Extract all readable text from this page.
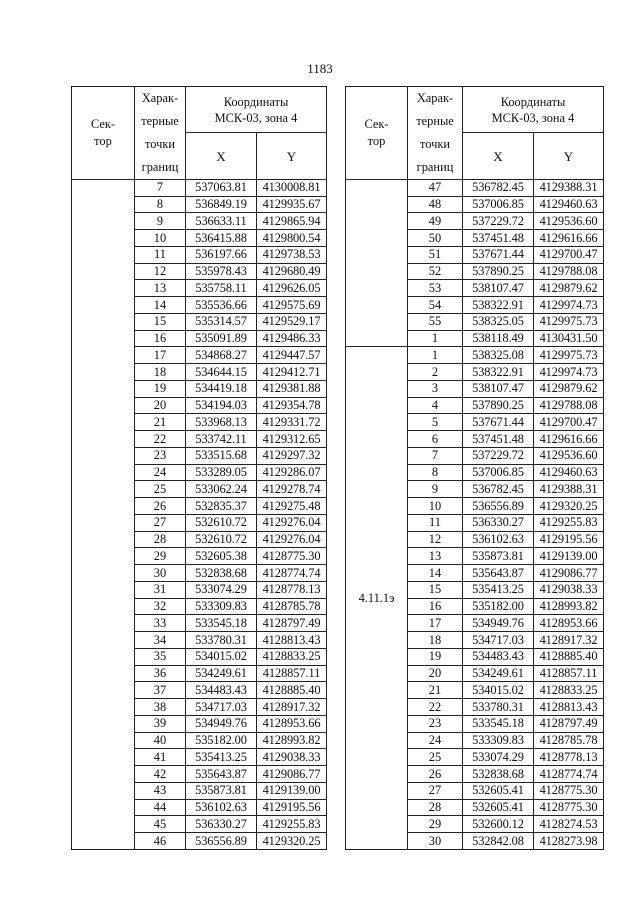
1183
Сек- тор	Харак- терные точки границ	Координаты МСК-03, зона 4	

		X	Y
	7	537063.81	4130008.81
	8	536849.19	4129935.67
	9	536633.11	4129865.94
	10	536415.88	4129800.54
	11	536197.66	4129738.53
	12	535978.43	4129680.49
	13	535758.11	4129626.05
	14	535536.66	4129575.69
	15	535314.57	4129529.17
	16	535091.89	4129486.33
	17	534868.27	4129447.57
	18	534644.15	4129412.71
	19	534419.18	4129381.88
	20	534194.03	4129354.78
	21	533968.13	4129331.72
	22	533742.11	4129312.65
	23	533515.68	4129297.32
	24	533289.05	4129286.07
	25	533062.24	4129278.74
	26	532835.37	4129275.48
	27	532610.72	4129276.04
	28	532610.72	4129276.04
	29	532605.38	4128775.30
	30	532838.68	4128774.74
	31	533074.29	4128778.13
	32	533309.83	4128785.78
	33	533545.18	4128797.49
	34	533780.31	4128813.43
	35	534015.02	4128833.25
	36	534249.61	4128857.11
	37	534483.43	4128885.40
	38	534717.03	4128917.32
	39	534949.76	4128953.66
	40	535182.00	4128993.82
	41	535413.25	4129038.33
	42	535643.87	4129086.77
	43	535873.81	4129139.00
	44	536102.63	4129195.56
	45	536330.27	4129255.83
	46	536556.89	4129320.25
Сек- тор	Харак- терные точки границ	Координаты МСК-03, зона 4	

		X	Y
	47	536782.45	4129388.31
	48	537006.85	4129460.63
	49	537229.72	4129536.60
	50	537451.48	4129616.66
	51	537671.44	4129700.47
	52	537890.25	4129788.08
	53	538107.47	4129879.62
	54	538322.91	4129974.73
	55	538325.05	4129975.73
	1	538118.49	4130431.50
4.11.1э	1	538325.08	4129975.73
	2	538322.91	4129974.73
	3	538107.47	4129879.62
	4	537890.25	4129788.08
	5	537671.44	4129700.47
	6	537451.48	4129616.66
	7	537229.72	4129536.60
	8	537006.85	4129460.63
	9	536782.45	4129388.31
	10	536556.89	4129320.25
	11	536330.27	4129255.83
	12	536102.63	4129195.56
	13	535873.81	4129139.00
	14	535643.87	4129086.77
	15	535413.25	4129038.33
	16	535182.00	4128993.82
	17	534949.76	4128953.66
	18	534717.03	4128917.32
	19	534483.43	4128885.40
	20	534249.61	4128857.11
	21	534015.02	4128833.25
	22	533780.31	4128813.43
	23	533545.18	4128797.49
	24	533309.83	4128785.78
	25	533074.29	4128778.13
	26	532838.68	4128774.74
	27	532605.41	4128775.30
	28	532605.41	4128775.30
	29	532600.12	4128274.53
	30	532842.08	4128273.98
